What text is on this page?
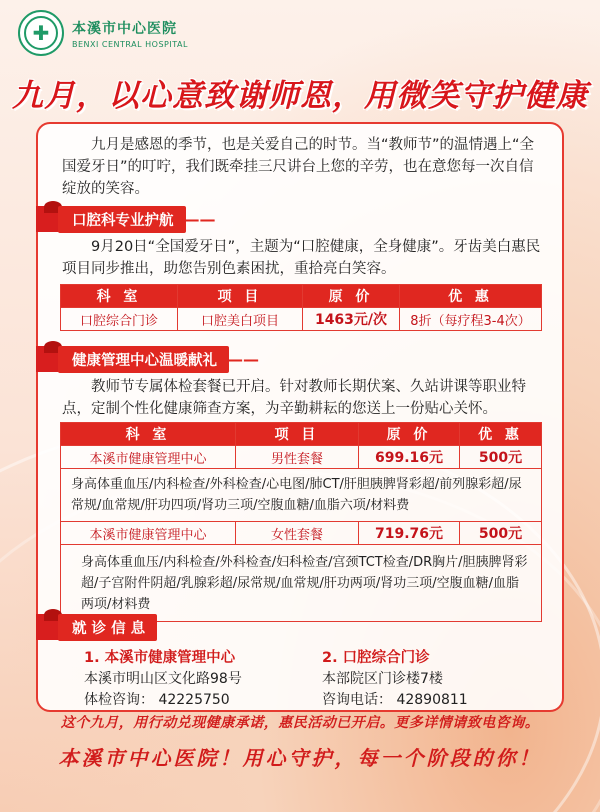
✚ 本溪市中心医院
BENXI CENTRAL HOSPITAL
九月，以心意致谢师恩，用微笑守护健康
九月是感恩的季节，也是关爱自己的时节。当“教师节”的温情遇上“全国爱牙日”的叮咛，我们既牵挂三尺讲台上您的辛劳，也在意您每一次自信绽放的笑容。
口腔科专业护航 ——
9月20日“全国爱牙日”，主题为“口腔健康，全身健康”。牙齿美白惠民项目同步推出，助您告别色素困扰，重拾亮白笑容。
科 室	项 目	原 价	优 惠
口腔综合门诊	口腔美白项目	1463元/次	8折（每疗程3-4次）
健康管理中心温暖献礼 ——
教师节专属体检套餐已开启。针对教师长期伏案、久站讲课等职业特点，定制个性化健康筛查方案，为辛勤耕耘的您送上一份贴心关怀。
科 室	项 目	原 价	优 惠
本溪市健康管理中心	男性套餐	699.16元	500元
身高体重血压/内科检查/外科检查/心电图/肺CT/肝胆胰脾肾彩超/前列腺彩超/尿常规/血常规/肝功四项/肾功三项/空腹血糖/血脂六项/材料费			
本溪市健康管理中心	女性套餐	719.76元	500元
身高体重血压/内科检查/外科检查/妇科检查/宫颈TCT检查/DR胸片/胆胰脾肾彩超/子宫附件阴超/乳腺彩超/尿常规/血常规/肝功两项/肾功三项/空腹血糖/血脂两项/材料费			
就 诊 信 息
1. 本溪市健康管理中心
本溪市明山区文化路98号
体检咨询： 42225750
2. 口腔综合门诊
本部院区门诊楼7楼
咨询电话： 42890811
这个九月，用行动兑现健康承诺，惠民活动已开启。更多详情请致电咨询。
本溪市中心医院！用心守护，每一个阶段的你！
